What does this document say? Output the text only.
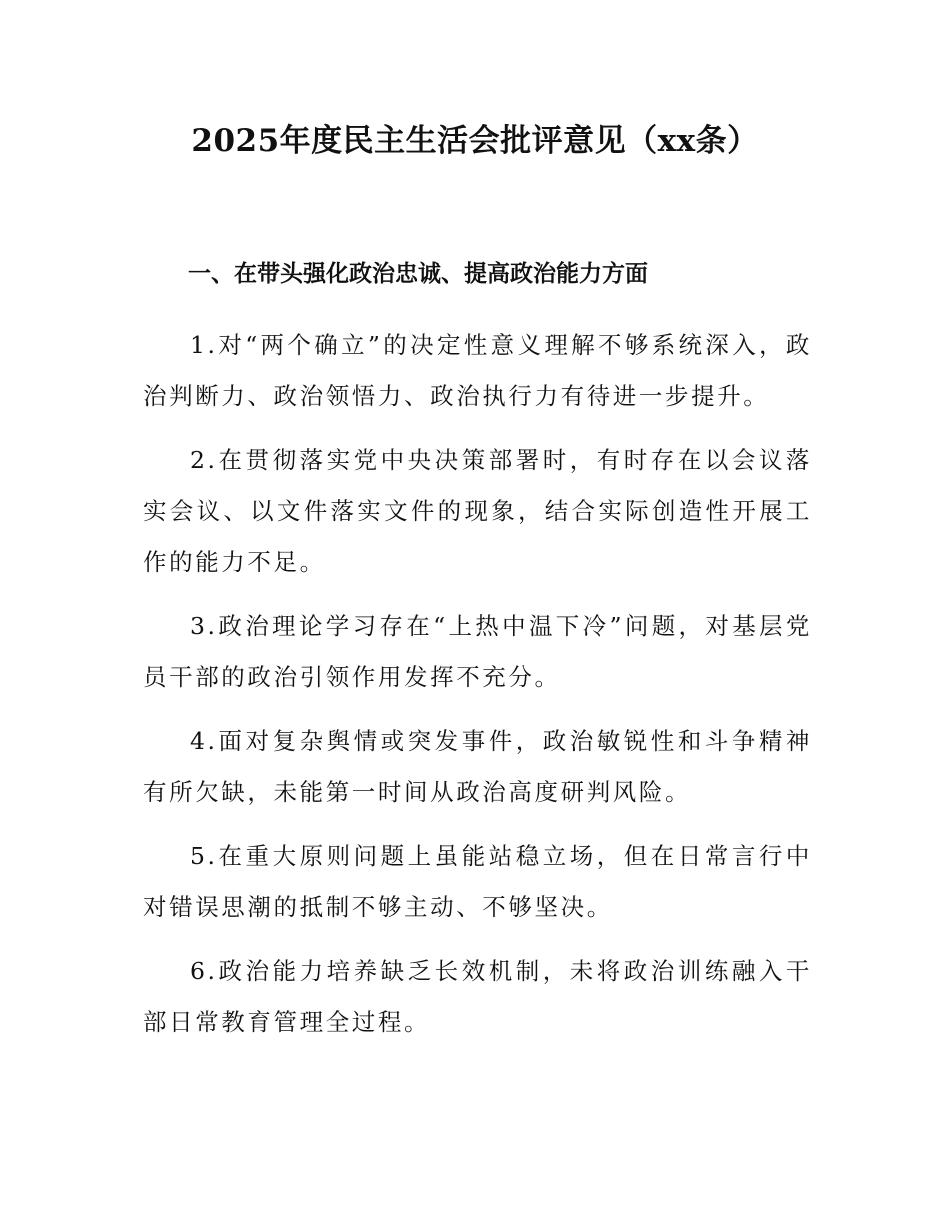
2025年度民主生活会批评意见（xx条）
一、在带头强化政治忠诚、提高政治能力方面

1.对“两个确立”的决定性意义理解不够系统深入，政治判断力、政治领悟力、政治执行力有待进一步提升。

2.在贯彻落实党中央决策部署时，有时存在以会议落实会议、以文件落实文件的现象，结合实际创造性开展工作的能力不足。

3.政治理论学习存在“上热中温下冷”问题，对基层党员干部的政治引领作用发挥不充分。

4.面对复杂舆情或突发事件，政治敏锐性和斗争精神有所欠缺，未能第一时间从政治高度研判风险。

5.在重大原则问题上虽能站稳立场，但在日常言行中对错误思潮的抵制不够主动、不够坚决。

6.政治能力培养缺乏长效机制，未将政治训练融入干部日常教育管理全过程。
